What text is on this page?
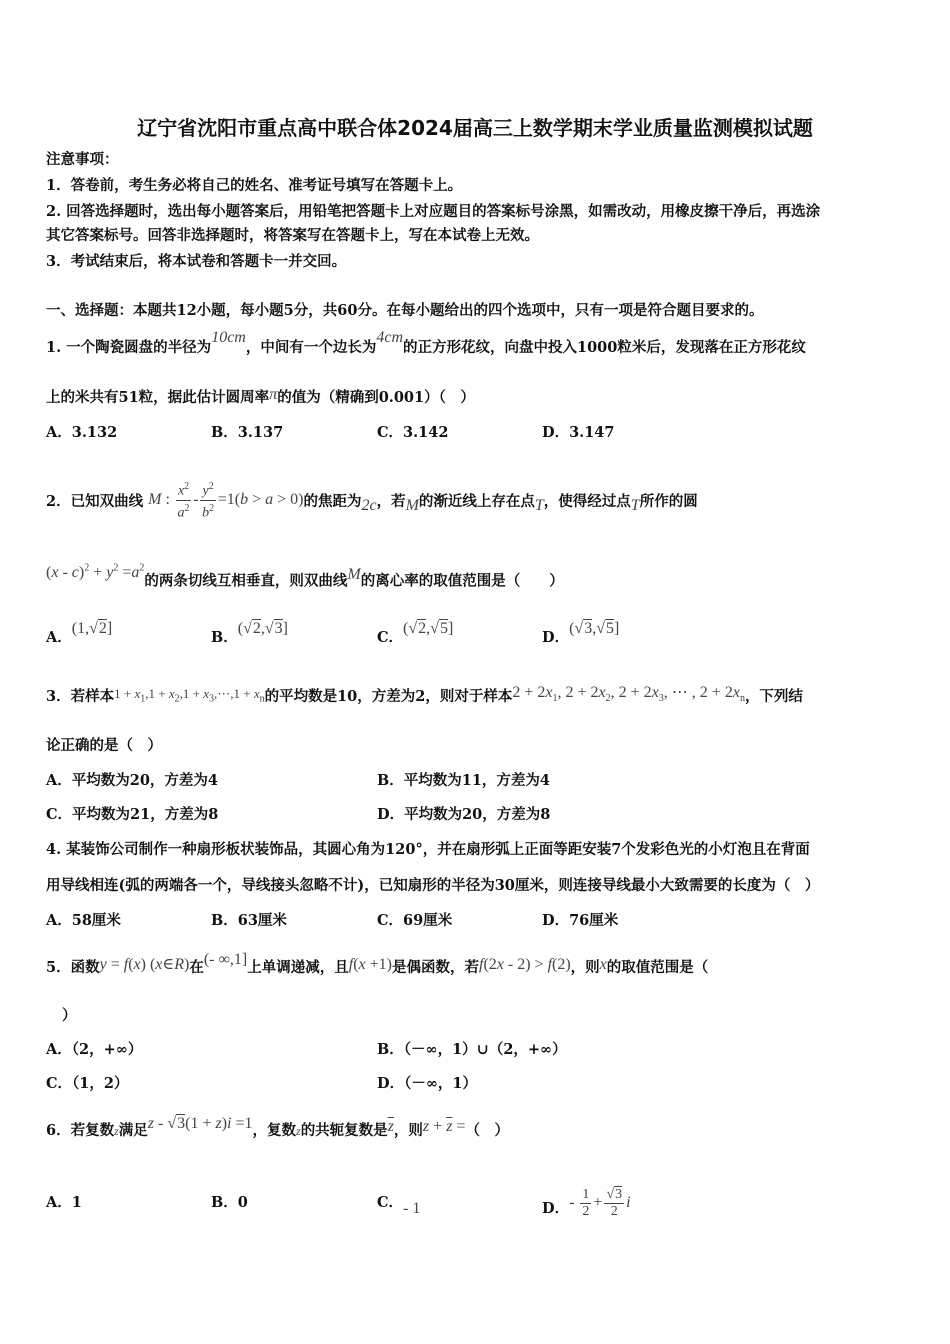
辽宁省沈阳市重点高中联合体2024届高三上数学期末学业质量监测模拟试题
注意事项：
1．答卷前，考生务必将自己的姓名、准考证号填写在答题卡上。
2. 回答选择题时，选出每小题答案后，用铅笔把答题卡上对应题目的答案标号涂黑，如需改动，用橡皮擦干净后，再选涂
其它答案标号。回答非选择题时，将答案写在答题卡上，写在本试卷上无效。
3．考试结束后，将本试卷和答题卡一并交回。
一、选择题：本题共12小题，每小题5分，共60分。在每小题给出的四个选项中，只有一项是符合题目要求的。
1. 一个陶瓷圆盘的半径为10cm，中间有一个边长为4cm的正方形花纹，向盘中投入1000粒米后，发现落在正方形花纹
上的米共有51粒，据此估计圆周率π的值为（精确到0.001）（　）
A．3.132	B．3.137	C．3.142	D．3.147
2．已知双曲线 M : $\frac{x^2}{a^2} - \frac{y^2}{b^2} =1(b > a > 0)$的焦距为2c，若M的渐近线上存在点T，使得经过点T所作的圆
$(x - c)^2 + y^2 =a^2$的两条切线互相垂直，则双曲线M的离心率的取值范围是（　　）
A．(1,√2]
B．(√2,√3]
C．(√2,√5]
D．(√3,√5]
3．若样本$1 + x_1,1 + x_2,1$ + $x_3,\cdots,1 + x_n$的平均数是10，方差为2，则对于样本$2 + 2x_1$, $2 + 2x_2$, $2 + 2x_3$, ⋯ , $2 + 2x_n$，下列结
论正确的是（　）
A．平均数为20，方差为4	B．平均数为11，方差为4
C．平均数为21，方差为8	D．平均数为20，方差为8
4. 某装饰公司制作一种扇形板状装饰品，其圆心角为120°，并在扇形弧上正面等距安装7个发彩色光的小灯泡且在背面
用导线相连(弧的两端各一个，导线接头忽略不计)，已知扇形的半径为30厘米，则连接导线最小大致需要的长度为（　）
A．58厘米	B．63厘米	C．69厘米	D．76厘米
5．函数y = f(x) (x∈R)在(- ∞,1]上单调递减，且f(x +1)是偶函数，若f(2x - 2) > f(2)，则x的取值范围是（
）
A．（2，+∞）	B．（－∞，1）∪（2，+∞）
C．（1，2）	D．（－∞，1）
6．若复数z满足z - √3(1 + z)i =1，复数z的共轭复数是$\overline{z}$，则$z + \overline{z}$ =（　）
A．1	B．0	C．- 1	D．- $\frac{1}{2} + \frac{√3}{2}$ i
